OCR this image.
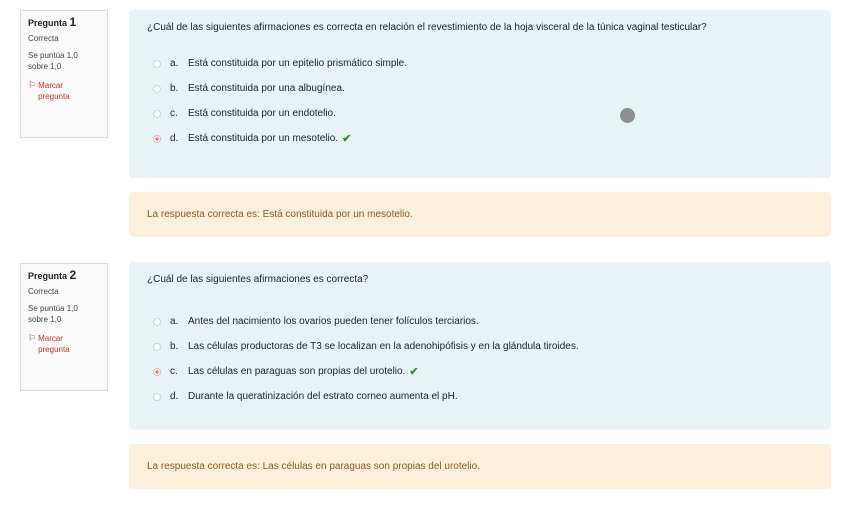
Pregunta 1
Correcta
Se puntúa 1,0
sobre 1,0
⚐ Marcar
pregunta

¿Cuál de las siguientes afirmaciones es correcta en relación el revestimiento de la hoja visceral de la túnica vaginal testicular?

a. Está constituida por un epitelio prismático simple.
b. Está constituida por una albugínea.
c.	Está constituida por un endotelio.
d. Está constituida por un mesotelio. ✔
La respuesta correcta es: Está constituida por un mesotelio.
Pregunta 2
Correcta
Se puntúa 1,0
sobre 1,0
⚐ Marcar
pregunta

¿Cuál de las siguientes afirmaciones es correcta?

a. Antes del nacimiento los ovarios pueden tener folículos terciarios.
b. Las células productoras de T3 se localizan en la adenohipófisis y en la glándula tiroides.
c.	Las células en paraguas son propias del urotelio. ✔
d. Durante la queratinización del estrato corneo aumenta el pH.
La respuesta correcta es: Las células en paraguas son propias del urotelio.
